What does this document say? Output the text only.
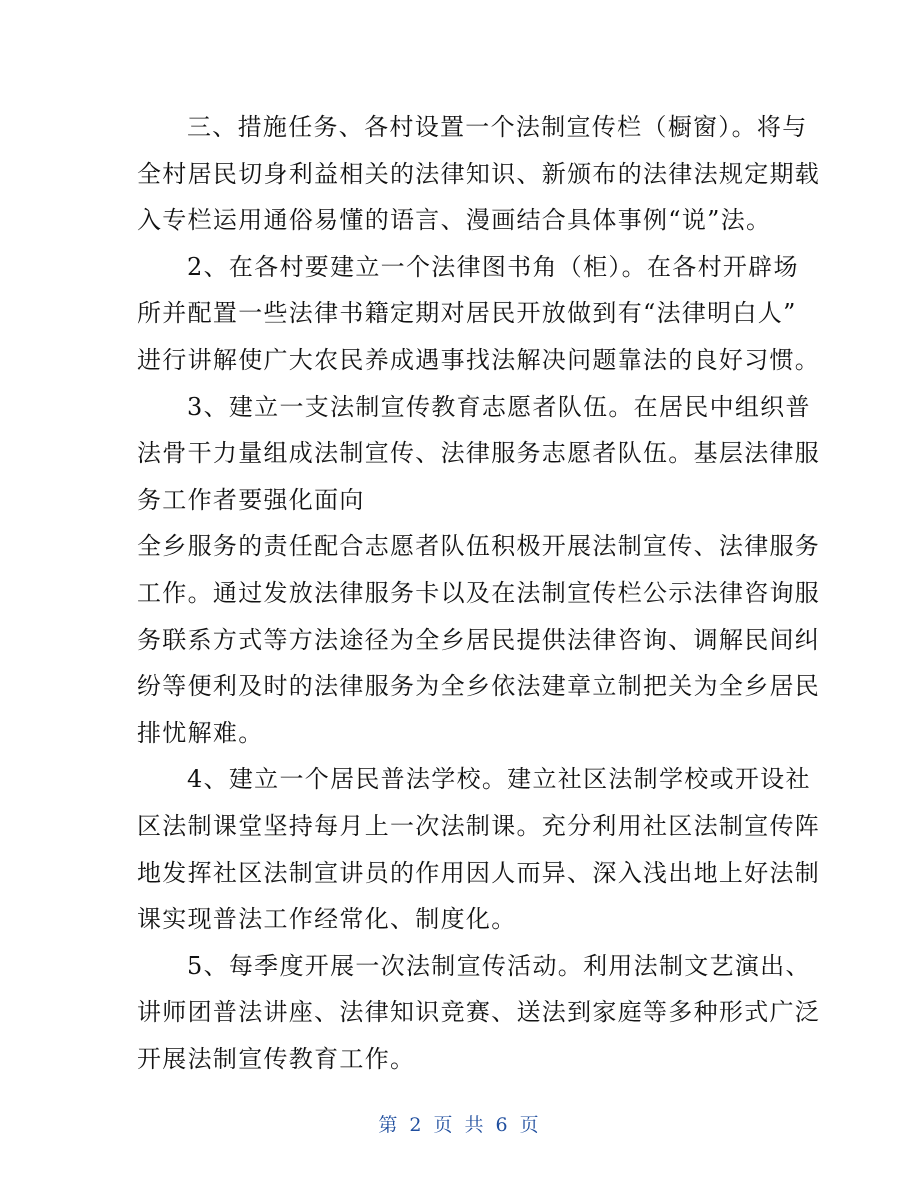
三、措施任务、各村设置一个法制宣传栏（橱窗）。将与
全村居民切身利益相关的法律知识、新颁布的法律法规定期载
入专栏运用通俗易懂的语言、漫画结合具体事例“说”法。
2、在各村要建立一个法律图书角（柜）。在各村开辟场
所并配置一些法律书籍定期对居民开放做到有“法律明白人”
进行讲解使广大农民养成遇事找法解决问题靠法的良好习惯。
3、建立一支法制宣传教育志愿者队伍。在居民中组织普
法骨干力量组成法制宣传、法律服务志愿者队伍。基层法律服
务工作者要强化面向
全乡服务的责任配合志愿者队伍积极开展法制宣传、法律服务
工作。通过发放法律服务卡以及在法制宣传栏公示法律咨询服
务联系方式等方法途径为全乡居民提供法律咨询、调解民间纠
纷等便利及时的法律服务为全乡依法建章立制把关为全乡居民
排忧解难。
4、建立一个居民普法学校。建立社区法制学校或开设社
区法制课堂坚持每月上一次法制课。充分利用社区法制宣传阵
地发挥社区法制宣讲员的作用因人而异、深入浅出地上好法制
课实现普法工作经常化、制度化。
5、每季度开展一次法制宣传活动。利用法制文艺演出、
讲师团普法讲座、法律知识竞赛、送法到家庭等多种形式广泛
开展法制宣传教育工作。
第 2 页 共 6 页
